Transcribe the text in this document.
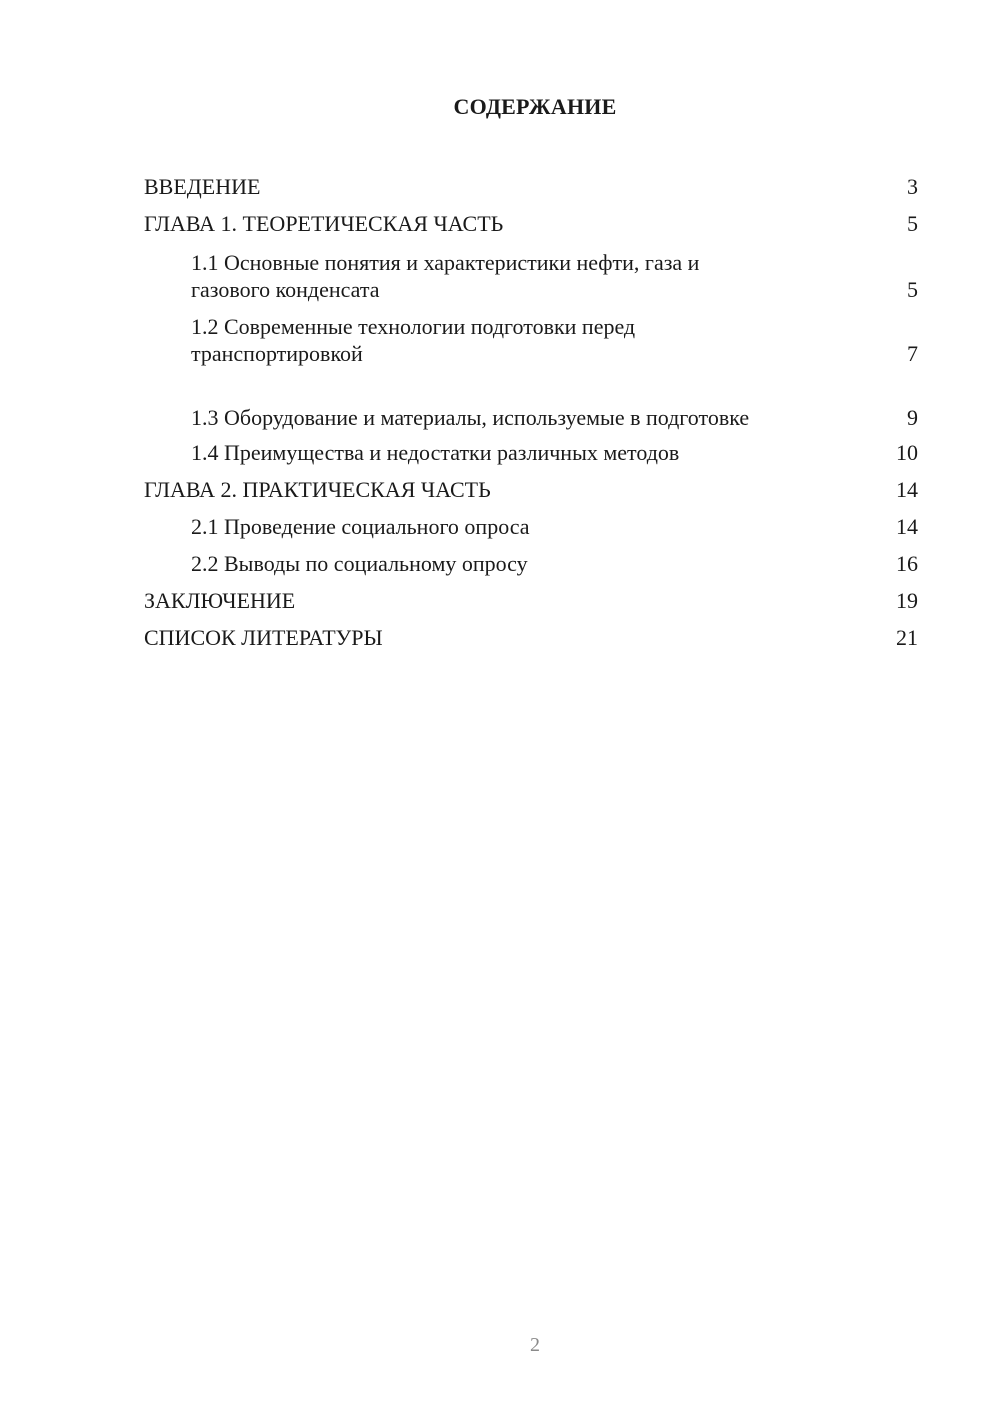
СОДЕРЖАНИЕ
ВВЕДЕНИЕ	3
ГЛАВА 1. ТЕОРЕТИЧЕСКАЯ ЧАСТЬ	5
1.1 Основные понятия и характеристики нефти, газа и газового конденсата	5
1.2 Современные технологии подготовки перед транспортировкой	7
1.3 Оборудование и материалы, используемые в подготовке	9
1.4 Преимущества и недостатки различных методов	10
ГЛАВА 2. ПРАКТИЧЕСКАЯ ЧАСТЬ	14
2.1 Проведение социального опроса	14
2.2 Выводы по социальному опросу	16
ЗАКЛЮЧЕНИЕ	19
СПИСОК ЛИТЕРАТУРЫ	21
2
